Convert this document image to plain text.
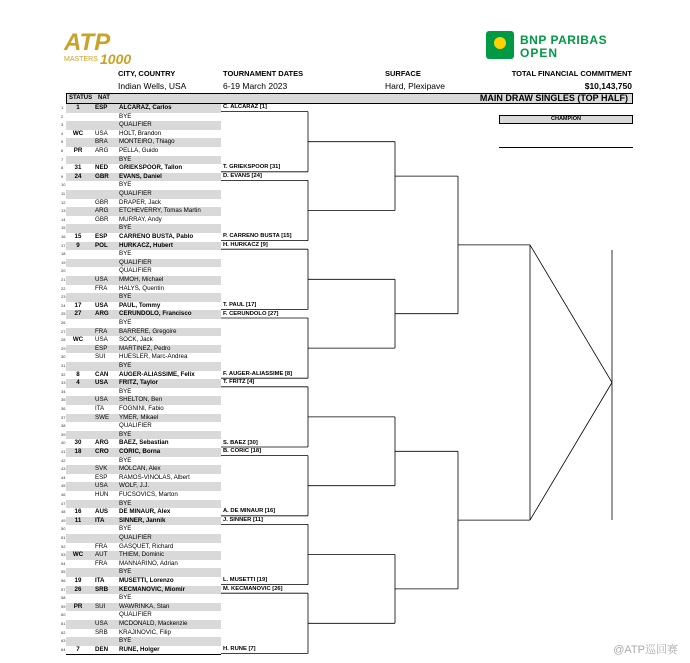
ATP
MASTERS 1000
BNP PARIBAS
OPEN
CITY, COUNTRY
Indian Wells, USA
TOURNAMENT DATES
6-19 March 2023
SURFACE
Hard, Plexipave
TOTAL FINANCIAL COMMITMENT
$10,143,750
STATUS NAT	MAIN DRAW SINGLES (TOP HALF)
1	1	ESP	ALCARAZ, Carlos
2	BYE
3	QUALIFIER
4	WC	USA	HOLT, Brandon
5	BRA	MONTEIRO, Thiago
6	PR	ARG	PELLA, Guido
7	BYE
8	31	NED	GRIEKSPOOR, Tallon
9	24	GBR	EVANS, Daniel
10	BYE
11	QUALIFIER
12	GBR	DRAPER, Jack
13	ARG	ETCHEVERRY, Tomas Martin
14	GBR	MURRAY, Andy
15	BYE
16	15	ESP	CARRENO BUSTA, Pablo
17	9	POL	HURKACZ, Hubert
18	BYE
19	QUALIFIER
20	QUALIFIER
21	USA	MMOH, Michael
22	FRA	HALYS, Quentin
23	BYE
24	17	USA	PAUL, Tommy
25	27	ARG	CERUNDOLO, Francisco
26	BYE
27	FRA	BARRERE, Gregoire
28	WC	USA	SOCK, Jack
29	ESP	MARTINEZ, Pedro
30	SUI	HUESLER, Marc-Andrea
31	BYE
32	8	CAN	AUGER-ALIASSIME, Felix
33	4	USA	FRITZ, Taylor
34	BYE
35	USA	SHELTON, Ben
36	ITA	FOGNINI, Fabio
37	SWE	YMER, Mikael
38	QUALIFIER
39	BYE
40	30	ARG	BAEZ, Sebastian
41	18	CRO	CORIC, Borna
42	BYE
43	SVK	MOLCAN, Alex
44	ESP	RAMOS-VINOLAS, Albert
45	USA	WOLF, J.J.
46	HUN	FUCSOVICS, Marton
47	BYE
48	16	AUS	DE MINAUR, Alex
49	11	ITA	SINNER, Jannik
50	BYE
51	QUALIFIER
52	FRA	GASQUET, Richard
53	WC	AUT	THIEM, Dominic
54	FRA	MANNARINO, Adrian
55	BYE
56	19	ITA	MUSETTI, Lorenzo
57	26	SRB	KECMANOVIC, Miomir
58	BYE
59	PR	SUI	WAWRINKA, Stan
60	QUALIFIER
61	USA	MCDONALD, Mackenzie
62	SRB	KRAJINOVIC, Filip
63	BYE
64	7	DEN	RUNE, Holger
C. ALCARAZ [1]
T. GRIEKSPOOR [31]
D. EVANS [24]
P. CARRENO BUSTA [15]
H. HURKACZ [9]
T. PAUL [17]
F. CERUNDOLO [27]
F. AUGER-ALIASSIME [8]
T. FRITZ [4]
S. BAEZ [30]
B. CORIC [18]
A. DE MINAUR [16]
J. SINNER [11]
L. MUSETTI [19]
M. KECMANOVIC [26]
H. RUNE [7]
CHAMPION
@ATP巡回赛
